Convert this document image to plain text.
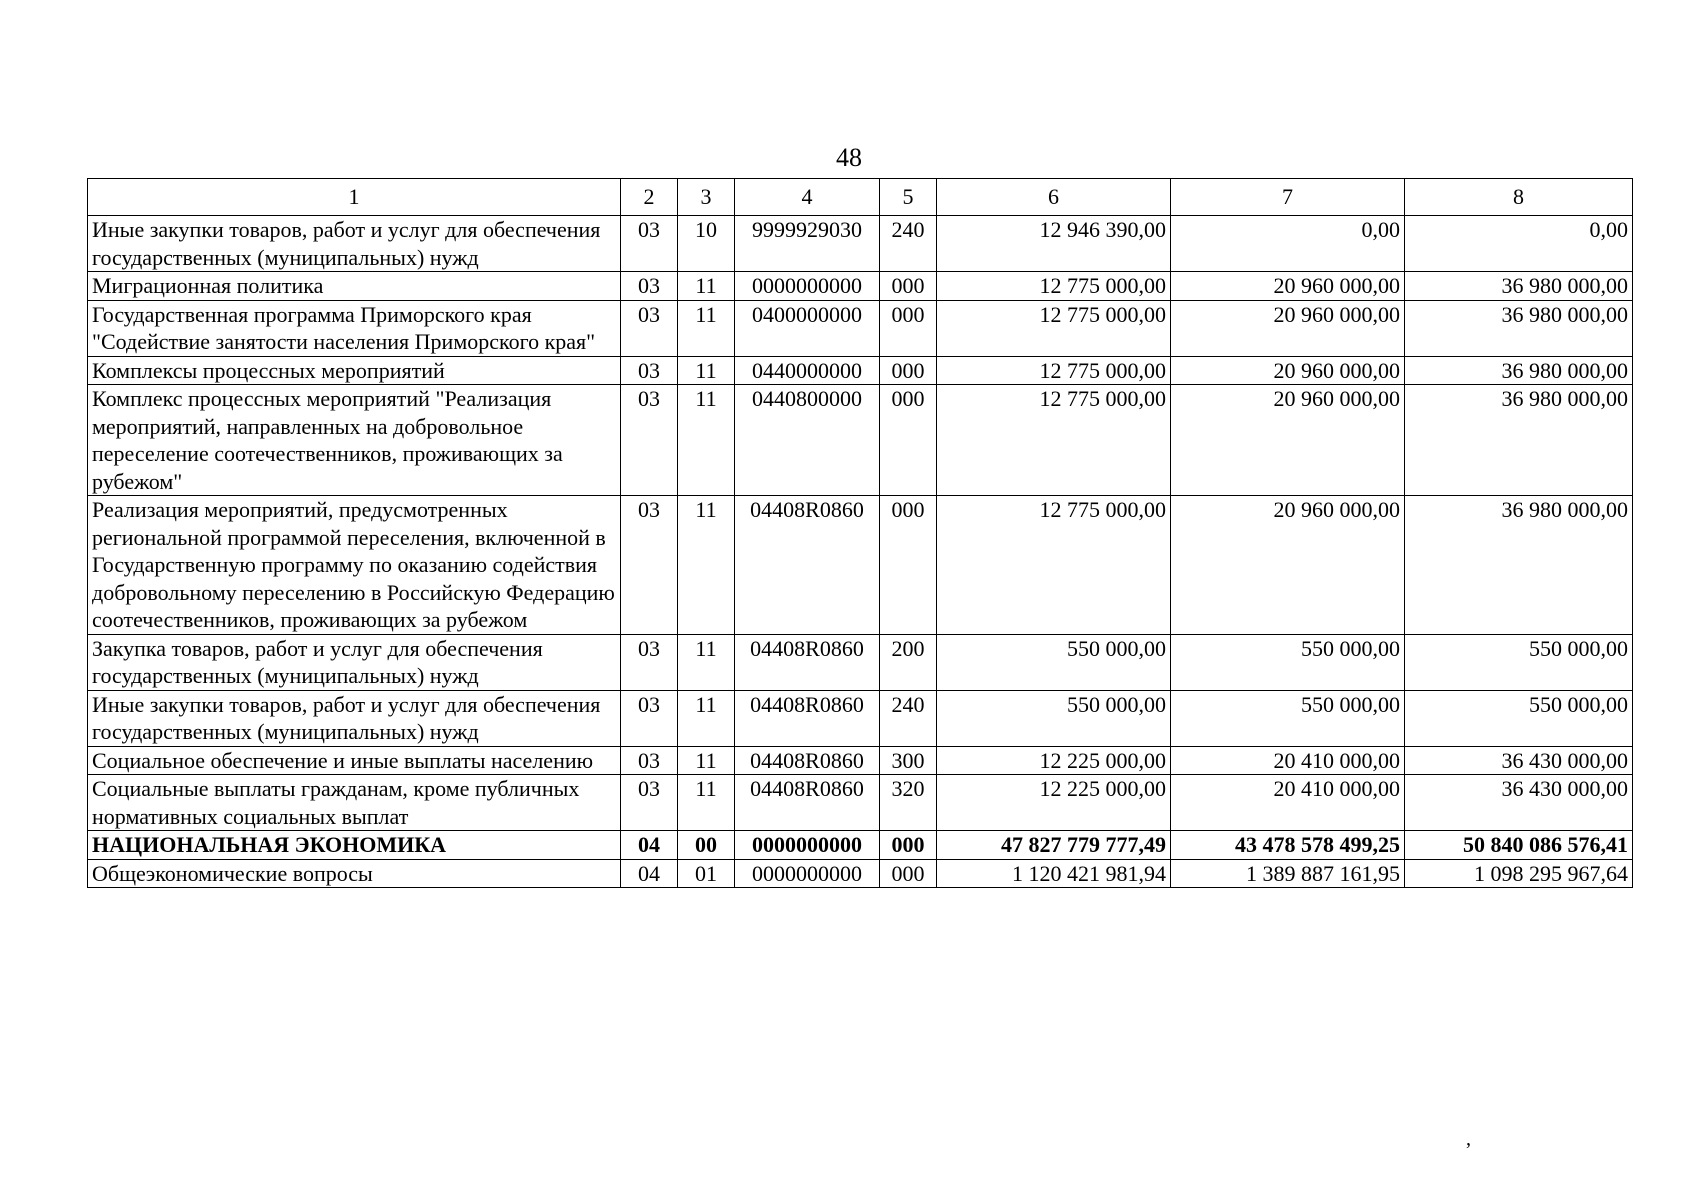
48
1	2	3	4	5	6	7	8
Иные закупки товаров, работ и услуг для обеспечения государственных (муниципальных) нужд	03	10	9999929030	240	12 946 390,00	0,00	0,00
Миграционная политика	03	11	0000000000	000	12 775 000,00	20 960 000,00	36 980 000,00
Государственная программа Приморского края "Содействие занятости населения Приморского края"	03	11	0400000000	000	12 775 000,00	20 960 000,00	36 980 000,00
Комплексы процессных мероприятий	03	11	0440000000	000	12 775 000,00	20 960 000,00	36 980 000,00
Комплекс процессных мероприятий "Реализация мероприятий, направленных на добровольное переселение соотечественников, проживающих за рубежом"	03	11	0440800000	000	12 775 000,00	20 960 000,00	36 980 000,00
Реализация мероприятий, предусмотренных региональной программой переселения, включенной в Государственную программу по оказанию содействия добровольному переселению в Российскую Федерацию соотечественников, проживающих за рубежом	03	11	04408R0860	000	12 775 000,00	20 960 000,00	36 980 000,00
Закупка товаров, работ и услуг для обеспечения государственных (муниципальных) нужд	03	11	04408R0860	200	550 000,00	550 000,00	550 000,00
Иные закупки товаров, работ и услуг для обеспечения государственных (муниципальных) нужд	03	11	04408R0860	240	550 000,00	550 000,00	550 000,00
Социальное обеспечение и иные выплаты населению	03	11	04408R0860	300	12 225 000,00	20 410 000,00	36 430 000,00
Социальные выплаты гражданам, кроме публичных нормативных социальных выплат	03	11	04408R0860	320	12 225 000,00	20 410 000,00	36 430 000,00
НАЦИОНАЛЬНАЯ ЭКОНОМИКА	04	00	0000000000	000	47 827 779 777,49	43 478 578 499,25	50 840 086 576,41
Общеэкономические вопросы	04	01	0000000000	000	1 120 421 981,94	1 389 887 161,95	1 098 295 967,64
,
